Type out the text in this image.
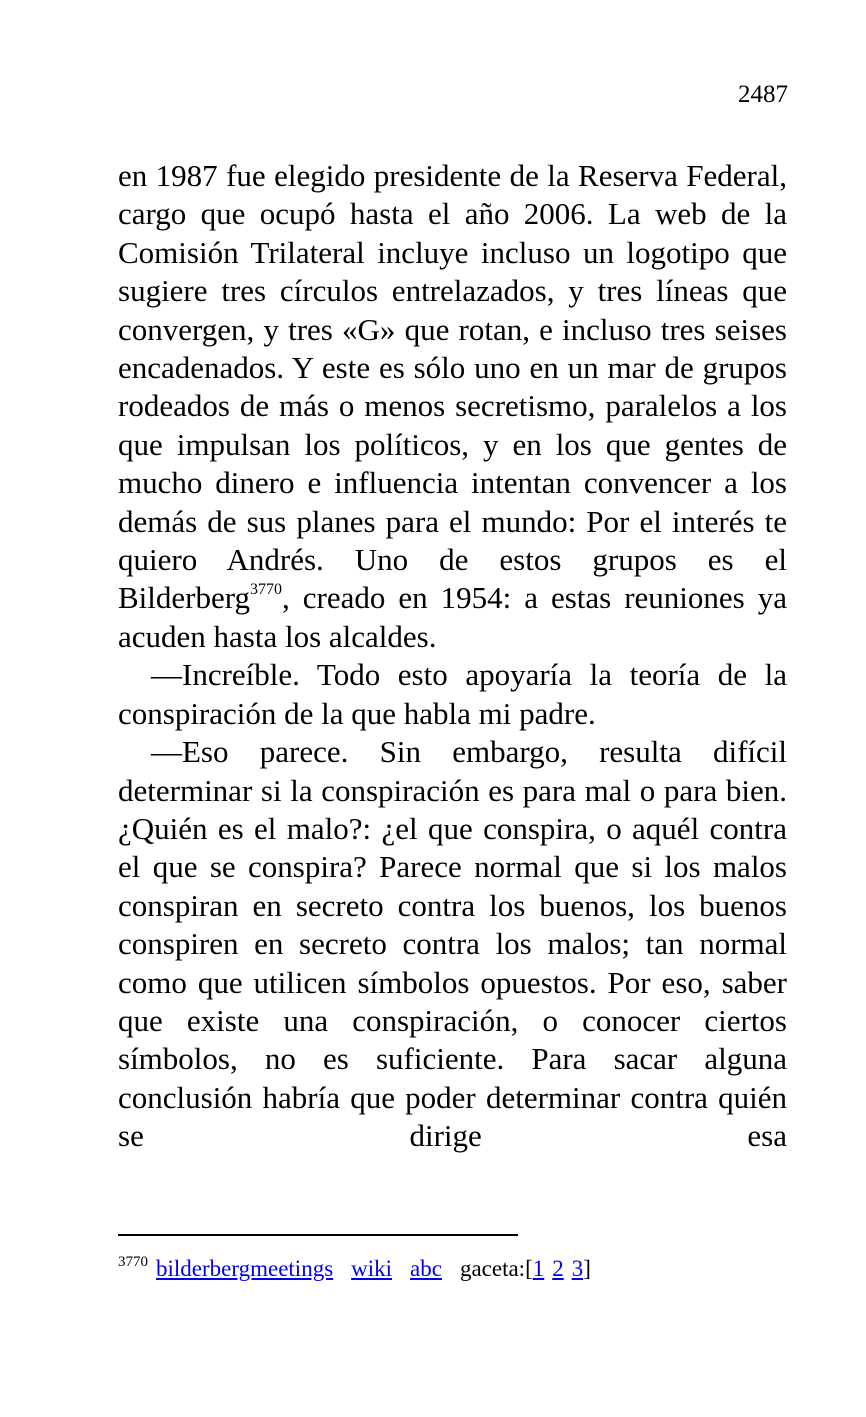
2487

en 1987 fue elegido presidente de la Reserva Federal, cargo que ocupó hasta el año 2006. La web de la Comisión Trilateral incluye incluso un logotipo que sugiere tres círculos entrelazados, y tres líneas que convergen, y tres «G» que rotan, e incluso tres seises encadenados. Y este es sólo uno en un mar de grupos rodeados de más o menos secretismo, paralelos a los que impulsan los políticos, y en los que gentes de mucho dinero e influencia intentan convencer a los demás de sus planes para el mundo: Por el interés te quiero Andrés. Uno de estos grupos es el Bilderberg$^{3770}$, creado en 1954: a estas reuniones ya acuden hasta los alcaldes.

—Increíble. Todo esto apoyaría la teoría de la conspiración de la que habla mi padre.

—Eso parece. Sin embargo, resulta difícil determinar si la conspiración es para mal o para bien. ¿Quién es el malo?: ¿el que conspira, o aquél contra el que se conspira? Parece normal que si los malos conspiran en secreto contra los buenos, los buenos conspiren en secreto contra los malos; tan normal como que utilicen símbolos opuestos. Por eso, saber que existe una conspiración, o conocer ciertos símbolos, no es suficiente. Para sacar alguna conclusión habría que poder determinar contra quién se dirige esa

$^{3770}$ bilderbergmeetings wiki abc gaceta:[1 2 3]
